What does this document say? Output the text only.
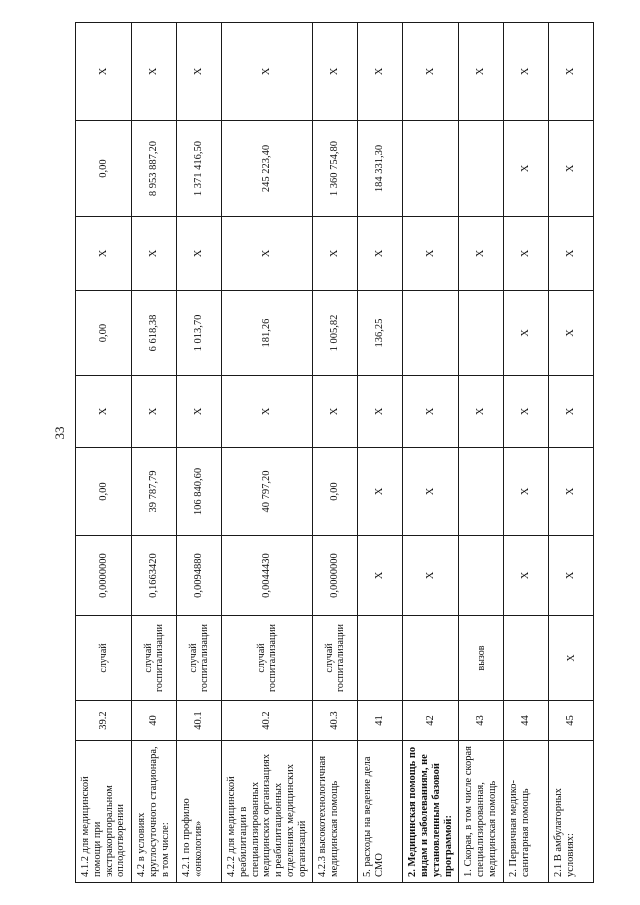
33
4.1.2 для медицинской помощи при экстракорпоральном оплодотворении	39.2	случай	0,0000000	0,00	X	0,00	X	0,00	X
4.2 в условиях круглосуточного стационара, в том числе:	40	случай госпитализации	0,1663420	39 787,79	X	6 618,38	X	8 953 887,20	X
4.2.1 по профилю «онкология»	40.1	случай госпитализации	0,0094880	106 840,60	X	1 013,70	X	1 371 416,50	X
4.2.2 для медицинской реабилитации в специализированных медицинских организациях и реабилитационных отделениях медицинских организаций	40.2	случай госпитализации	0,0044430	40 797,20	X	181,26	X	245 223,40	X
4.2.3 высокотехнологичная медицинская помощь	40.3	случай госпитализации	0,0000000	0,00	X	1 005,82	X	1 360 754,80	X
5. расходы на ведение дела СМО	41		X	X	X	136,25	X	184 331,30	X
2. Медицинская помощь по видам и заболеваниям, не установленным базовой программой:	42		X	X	X		X		X
1. Скорая, в том числе скорая специализированная, медицинская помощь	43	вызов			X		X		X
2. Первичная медико-санитарная помощь	44		X	X	X	X	X	X	X
2.1 В амбулаторных условиях:	45	X	X	X	X	X	X	X	X
